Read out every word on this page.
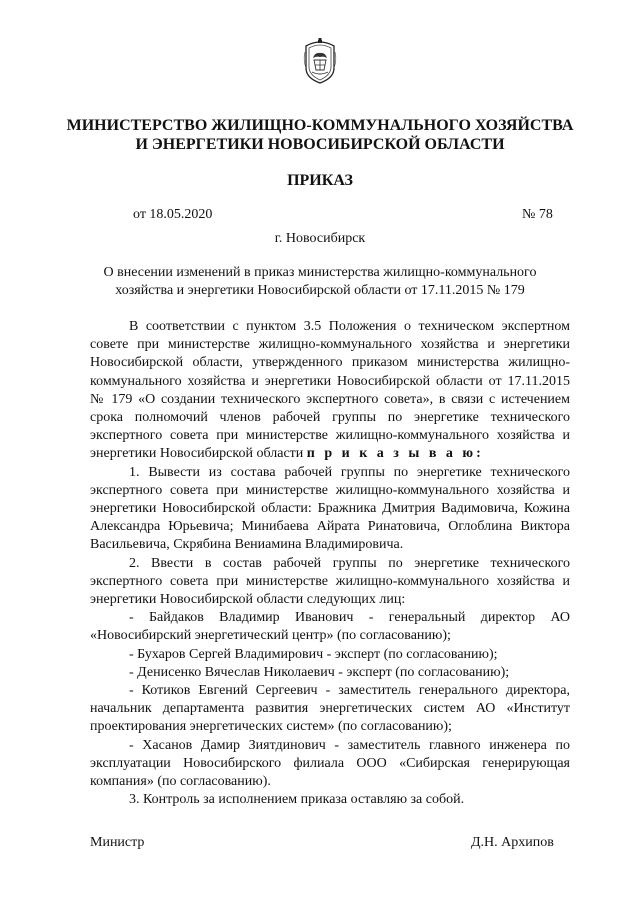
МИНИСТЕРСТВО ЖИЛИЩНО-КОММУНАЛЬНОГО ХОЗЯЙСТВА
И ЭНЕРГЕТИКИ НОВОСИБИРСКОЙ ОБЛАСТИ
ПРИКАЗ
от 18.05.2020	№ 78
г. Новосибирск
О внесении изменений в приказ министерства жилищно-коммунального хозяйства и энергетики Новосибирской области от 17.11.2015 № 179

В соответствии с пунктом 3.5 Положения о техническом экспертном совете при министерстве жилищно-коммунального хозяйства и энергетики Новосибирской области, утвержденного приказом министерства жилищно-коммунального хозяйства и энергетики Новосибирской области от 17.11.2015 № 179 «О создании технического экспертного совета», в связи с истечением срока полномочий членов рабочей группы по энергетике технического экспертного совета при министерстве жилищно-коммунального хозяйства и энергетики Новосибирской области п р и к а з ы в а ю:

1. Вывести из состава рабочей группы по энергетике технического экспертного совета при министерстве жилищно-коммунального хозяйства и энергетики Новосибирской области: Бражника Дмитрия Вадимовича, Кожина Александра Юрьевича; Минибаева Айрата Ринатовича, Оглоблина Виктора Васильевича, Скрябина Вениамина Владимировича.

2. Ввести в состав рабочей группы по энергетике технического экспертного совета при министерстве жилищно-коммунального хозяйства и энергетики Новосибирской области следующих лиц:

- Байдаков Владимир Иванович - генеральный директор АО «Новосибирский энергетический центр» (по согласованию);

- Бухаров Сергей Владимирович - эксперт (по согласованию);

- Денисенко Вячеслав Николаевич - эксперт (по согласованию);

- Котиков Евгений Сергеевич - заместитель генерального директора, начальник департамента развития энергетических систем АО «Институт проектирования энергетических систем» (по согласованию);

- Хасанов Дамир Зиятдинович - заместитель главного инженера по эксплуатации Новосибирского филиала ООО «Сибирская генерирующая компания» (по согласованию).

3. Контроль за исполнением приказа оставляю за собой.

Министр	Д.Н. Архипов
